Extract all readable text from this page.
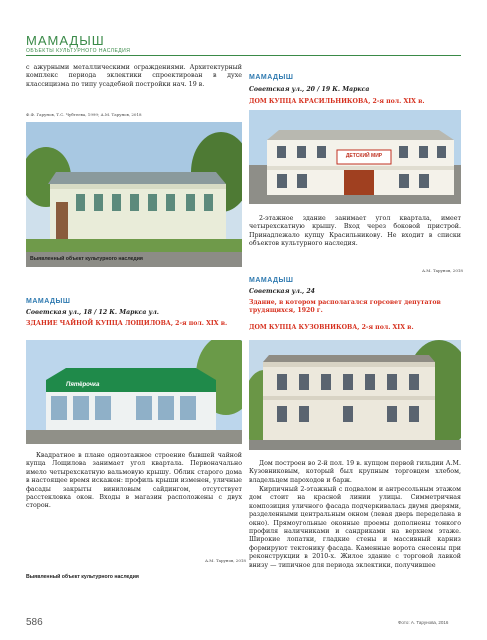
МАМАДЫШ
ОБЪЕКТЫ КУЛЬТУРНОГО НАСЛЕДИЯ
с ажурными металлическими ограждениями. Архитектурный комплекс периода эклектики спроектирован в духе классицизма по типу усадебной постройки нач. 19 в.
Ф.Ф. Гарунов, Т.С. Чубтеева, 1999; А.М. Тарунов, 2018
Выявленный объект культурного наследия
МАМАДЫШ
Советская ул., 20 / 19 К. Маркса
ДОМ КУПЦА КРАСИЛЬНИКОВА, 2-я пол. XIX в.
ДЕТСКИЙ МИР
2-этажное здание занимает угол квартала, имеет четырехскатную крышу. Вход через боковой пристрой. Принадлежало купцу Красильникову. Не входит в списки объектов культурного наследия.
А.М. Тарунов, 2018
МАМАДЫШ
Советская ул., 24
Здание, в котором располагался горсовет депутатов трудящихся, 1920 г.
ДОМ КУПЦА КУЗОВНИКОВА, 2-я пол. XIX в.
МАМАДЫШ
Советская ул., 18 / 12 К. Маркса ул.
ЗДАНИЕ ЧАЙНОЙ КУПЦА ЛОЩИЛОВА, 2-я пол. XIX в.
Пятёрочка
Квадратное в плане одноэтажное строение бывшей чайной купца Лощилова занимает угол квартала. Первоначально имело четырехскатную вальмовую крышу. Облик старого дома в настоящее время искажен: профиль крыши изменен, уличные фасады закрыты виниловым сайдингом, отсутствует расстекловка окон. Входы в магазин расположены с двух сторон.
А.М. Тарунов, 2018
Выявленный объект культурного наследия
Дом построен во 2-й пол. 19 в. купцом первой гильдии А.М. Кузовниковым, который был крупным торговцем хлебом, владельцем пароходов и барж.
Кирпичный 2-этажный с подвалом и антресольным этажом дом стоит на красной линии улицы. Симметричная композиция уличного фасада подчеркивалась двумя дверями, разделенными центральным окном (левая дверь переделана в окно). Прямоугольные оконные проемы дополнены тонкого профиля наличниками и сандриками на верхнем этаже. Широкие лопатки, гладкие стены и массивный карниз формируют тектонику фасада. Каменные ворота снесены при реконструкции в 2010-х. Жилое здание с торговой лавкой внизу — типичное для периода эклектики, получившее
586	Фото: А. Тарунова, 2016
